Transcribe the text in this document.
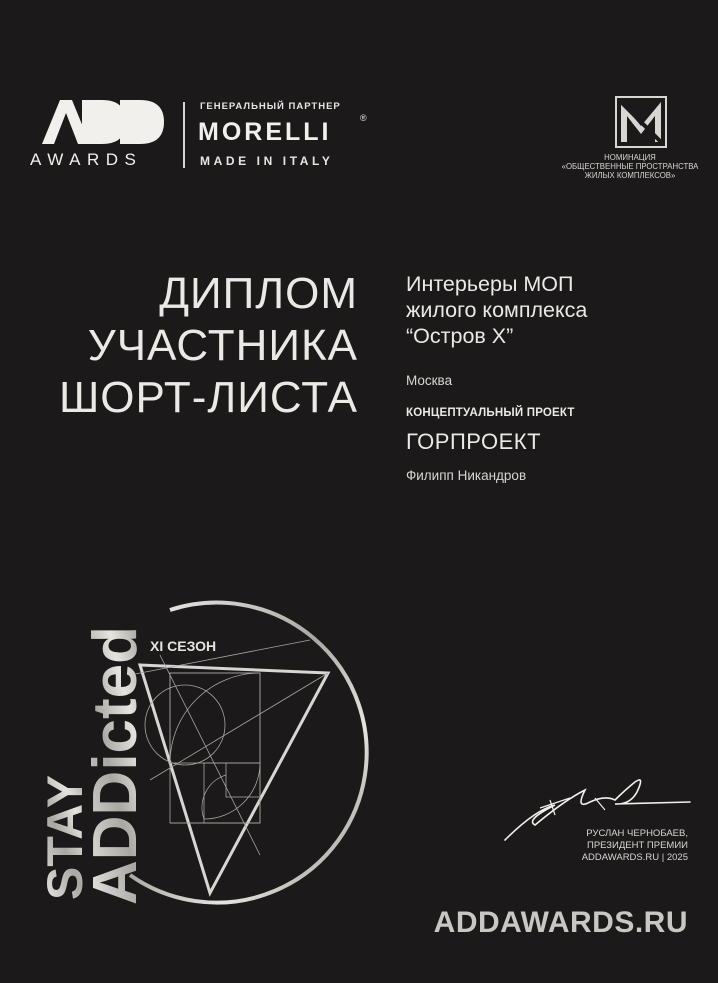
AWARDS
ГЕНЕРАЛЬНЫЙ ПАРТНЕР
MORELLI	®
MADE IN ITALY	НОМИНАЦИЯ
«ОБЩЕСТВЕННЫЕ ПРОСТРАНСТВА
ЖИЛЫХ КОМПЛЕКСОВ»
ДИПЛОМ
УЧАСТНИКА
ШОРТ-ЛИСТА
Интерьеры МОП
жилого комплекса
“Остров X”
Москва
КОНЦЕПТУАЛЬНЫЙ ПРОЕКТ
ГОРПРОЕКТ
Филипп Никандров
XI СЕЗОН
STAY
ADDicted
РУСЛАН ЧЕРНОБАЕВ,
ПРЕЗИДЕНТ ПРЕМИИ
ADDAWARDS.RU | 2025
ADDAWARDS.RU
